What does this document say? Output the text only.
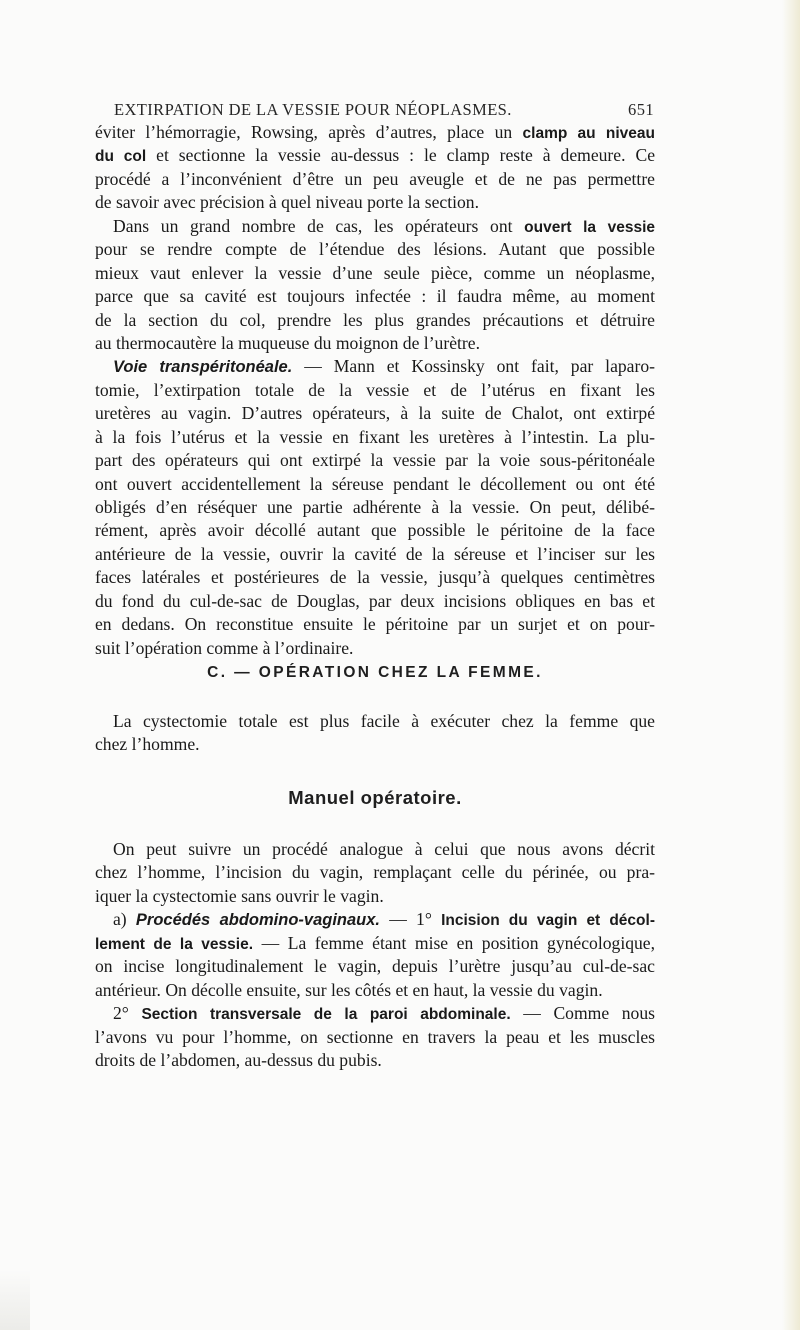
EXTIRPATION DE LA VESSIE POUR NÉOPLASMES.	651
éviter l’hémorragie, Rowsing, après d’autres, place un clamp au niveau
du col et sectionne la vessie au-dessus : le clamp reste à demeure. Ce
procédé a l’inconvénient d’être un peu aveugle et de ne pas permettre
de savoir avec précision à quel niveau porte la section.
Dans un grand nombre de cas, les opérateurs ont ouvert la vessie
pour se rendre compte de l’étendue des lésions. Autant que possible
mieux vaut enlever la vessie d’une seule pièce, comme un néoplasme,
parce que sa cavité est toujours infectée : il faudra même, au moment
de la section du col, prendre les plus grandes précautions et détruire
au thermocautère la muqueuse du moignon de l’urètre.
Voie transpéritonéale. — Mann et Kossinsky ont fait, par laparo-
tomie, l’extirpation totale de la vessie et de l’utérus en fixant les
uretères au vagin. D’autres opérateurs, à la suite de Chalot, ont extirpé
à la fois l’utérus et la vessie en fixant les uretères à l’intestin. La plu-
part des opérateurs qui ont extirpé la vessie par la voie sous-péritonéale
ont ouvert accidentellement la séreuse pendant le décollement ou ont été
obligés d’en réséquer une partie adhérente à la vessie. On peut, délibé-
rément, après avoir décollé autant que possible le péritoine de la face
antérieure de la vessie, ouvrir la cavité de la séreuse et l’inciser sur les
faces latérales et postérieures de la vessie, jusqu’à quelques centimètres
du fond du cul-de-sac de Douglas, par deux incisions obliques en bas et
en dedans. On reconstitue ensuite le péritoine par un surjet et on pour-
suit l’opération comme à l’ordinaire.
C. — OPÉRATION CHEZ LA FEMME.
La cystectomie totale est plus facile à exécuter chez la femme que
chez l’homme.
Manuel opératoire.
On peut suivre un procédé analogue à celui que nous avons décrit
chez l’homme, l’incision du vagin, remplaçant celle du périnée, ou pra-
iquer la cystectomie sans ouvrir le vagin.
a) Procédés abdomino-vaginaux. — 1° Incision du vagin et décol-
lement de la vessie. — La femme étant mise en position gynécologique,
on incise longitudinalement le vagin, depuis l’urètre jusqu’au cul-de-sac
antérieur. On décolle ensuite, sur les côtés et en haut, la vessie du vagin.
2° Section transversale de la paroi abdominale. — Comme nous
l’avons vu pour l’homme, on sectionne en travers la peau et les muscles
droits de l’abdomen, au-dessus du pubis.
